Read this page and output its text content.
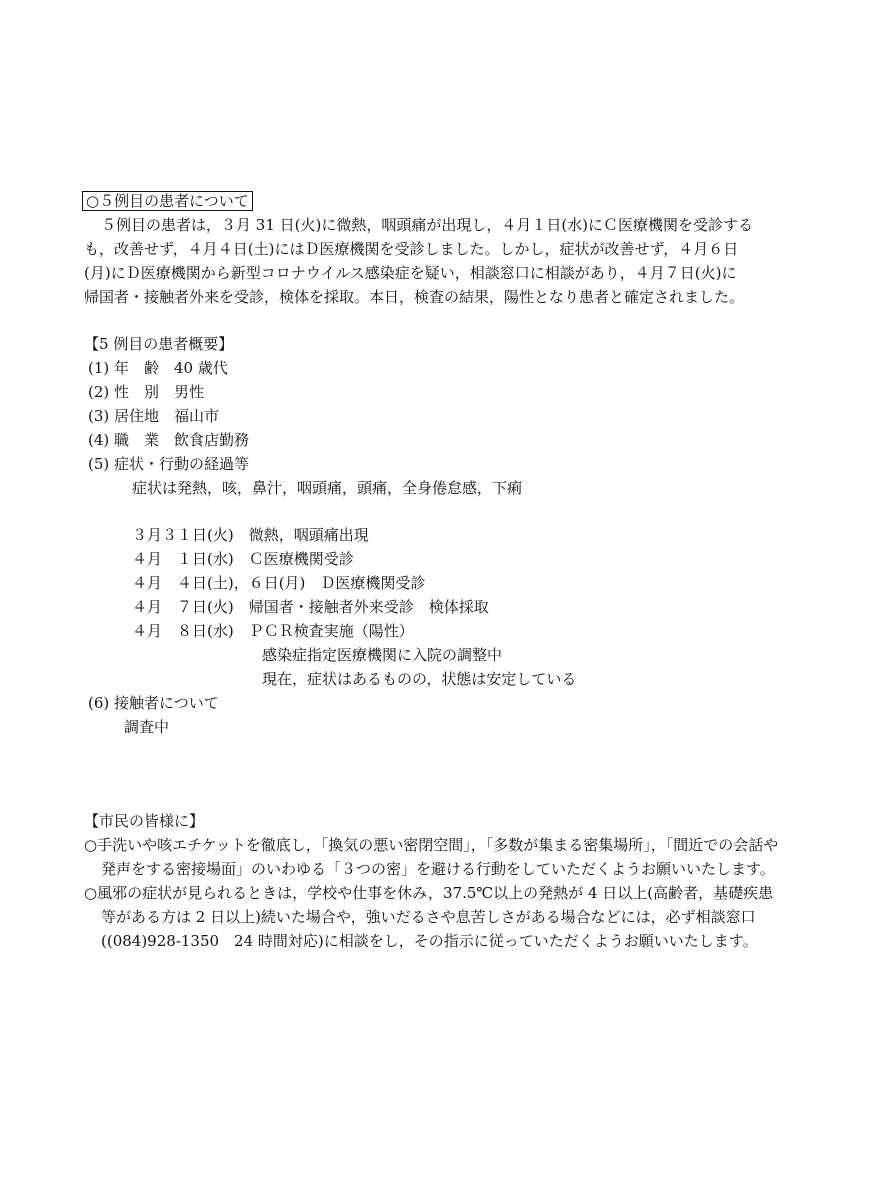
○５例目の患者について
５例目の患者は，３月 31 日(火)に微熱，咽頭痛が出現し，４月１日(水)にＣ医療機関を受診する
も，改善せず，４月４日(土)にはＤ医療機関を受診しました。しかし，症状が改善せず，４月６日
(月)にＤ医療機関から新型コロナウイルス感染症を疑い，相談窓口に相談があり，４月７日(火)に
帰国者・接触者外来を受診，検体を採取。本日，検査の結果，陽性となり患者と確定されました。
【5 例目の患者概要】
(1) 年　齢　40 歳代
(2) 性　別　男性
(3) 居住地　福山市
(4) 職　業　飲食店勤務
(5) 症状・行動の経過等
症状は発熱，咳，鼻汁，咽頭痛，頭痛，全身倦怠感，下痢
３月３１日(火)　微熱，咽頭痛出現
４月　１日(水)　Ｃ医療機関受診
４月　４日(土)，６日(月)　Ｄ医療機関受診
４月　７日(火)　帰国者・接触者外来受診　検体採取
４月　８日(水)　ＰＣＲ検査実施（陽性）
感染症指定医療機関に入院の調整中
現在，症状はあるものの，状態は安定している
(6) 接触者について
調査中
【市民の皆様に】
○手洗いや咳エチケットを徹底し，「換気の悪い密閉空間」，「多数が集まる密集場所」，「間近での会話や
発声をする密接場面」のいわゆる「３つの密」を避ける行動をしていただくようお願いいたします。
○風邪の症状が見られるときは，学校や仕事を休み，37.5℃以上の発熱が 4 日以上(高齢者，基礎疾患
等がある方は 2 日以上)続いた場合や，強いだるさや息苦しさがある場合などには，必ず相談窓口
((084)928-1350　24 時間対応)に相談をし，その指示に従っていただくようお願いいたします。
